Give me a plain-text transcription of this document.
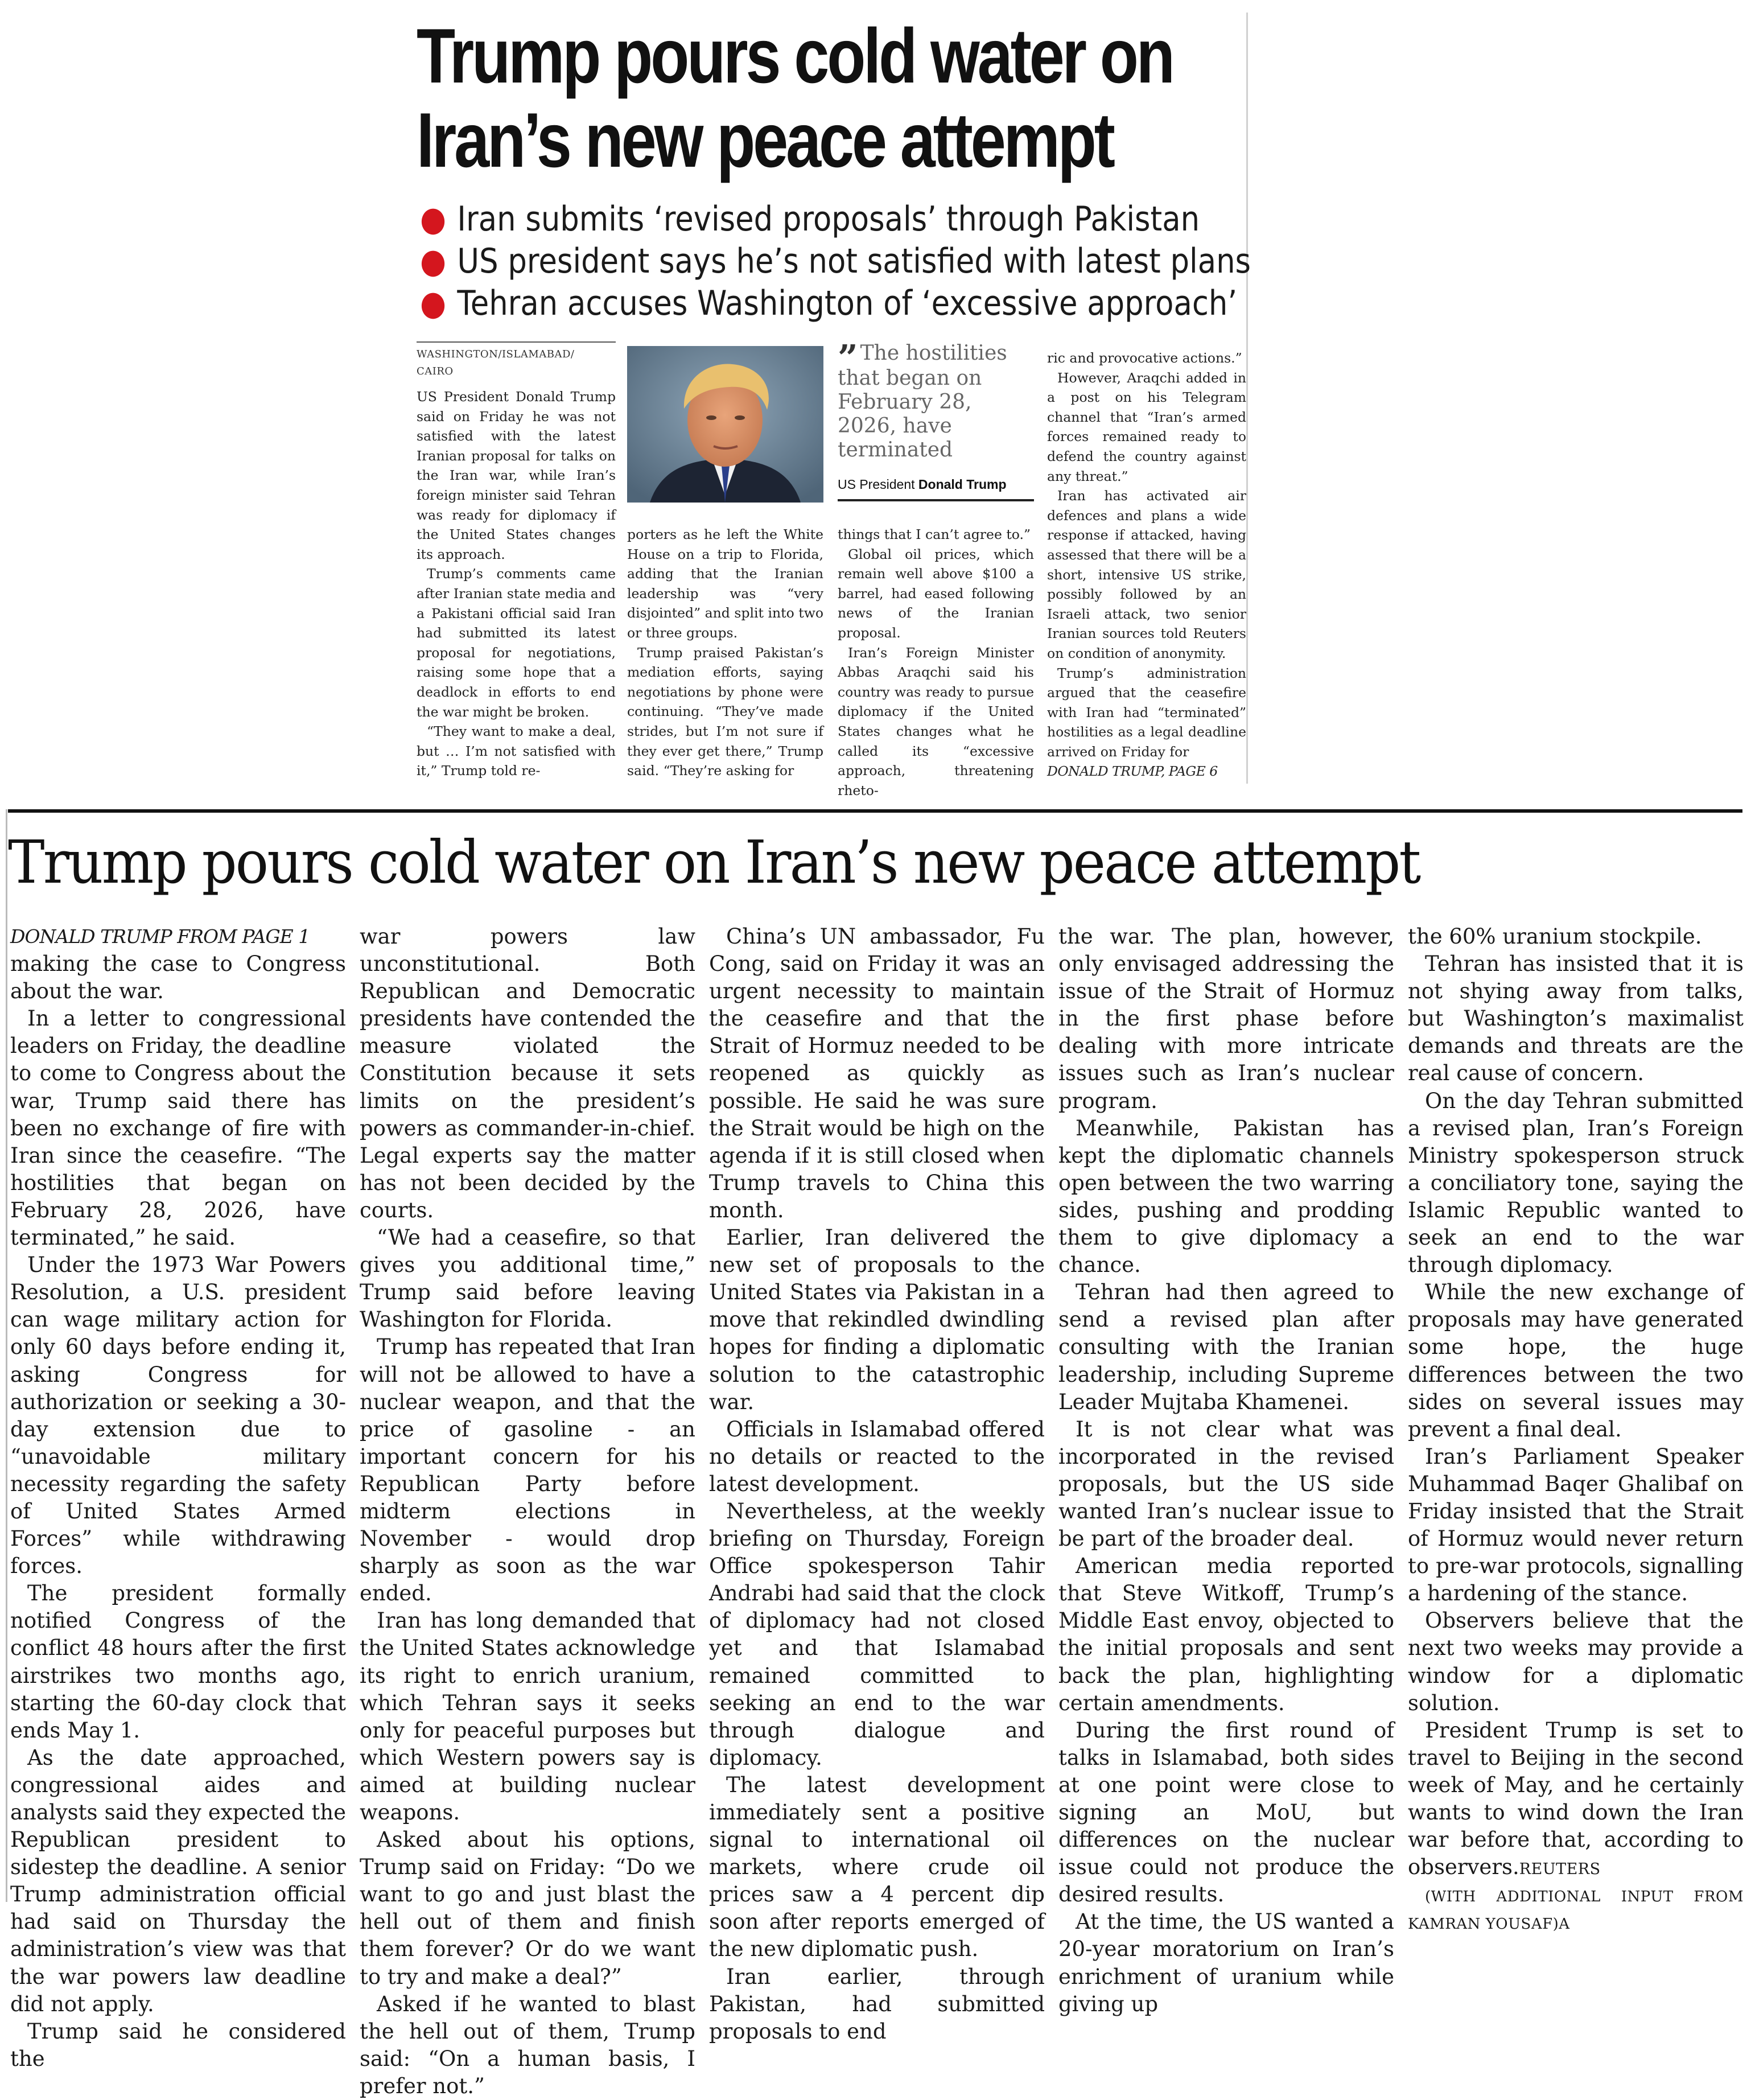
Trump pours cold water on
Iran’s new peace attempt
● Iran submits ‘revised proposals’ through Pakistan
● US president says he’s not satisfied with latest plans
● Tehran accuses Washington of ‘excessive approach’
WASHINGTON/ISLAMABAD/
CAIRO

US President Donald Trump said on Friday he was not satisfied with the latest Iranian proposal for talks on the Iran war, while Iran’s foreign minister said Tehran was ready for diplomacy if the United States changes its approach.

Trump’s comments came after Iranian state media and a Pakistani official said Iran had submitted its latest proposal for negotiations, raising some hope that a deadlock in efforts to end the war might be broken.

“They want to make a deal, but … I’m not satisfied with it,” Trump told re-

porters as he left the White House on a trip to Florida, adding that the Iranian leadership was “very disjointed” and split into two or three groups.

Trump praised Pakistan’s mediation efforts, saying negotiations by phone were continuing. “They’ve made strides, but I’m not sure if they ever get there,” Trump said. “They’re asking for

” The hostilities that began on February 28, 2026, have terminated
US President Donald Trump

things that I can’t agree to.”

Global oil prices, which remain well above $100 a barrel, had eased following news of the Iranian proposal.

Iran’s Foreign Minister Abbas Araqchi said his country was ready to pursue diplomacy if the United States changes what he called its “excessive approach, threatening rheto-

ric and provocative actions.”

However, Araqchi added in a post on his Telegram channel that “Iran’s armed forces remained ready to defend the country against any threat.”

Iran has activated air defences and plans a wide response if attacked, having assessed that there will be a short, intensive US strike, possibly followed by an Israeli attack, two senior Iranian sources told Reuters on condition of anonymity.

Trump’s administration argued that the ceasefire with Iran had “terminated” hostilities as a legal deadline arrived on Friday for

DONALD TRUMP, PAGE 6

Trump pours cold water on Iran’s new peace attempt

DONALD TRUMP FROM PAGE 1

making the case to Congress about the war.

In a letter to congressional leaders on Friday, the deadline to come to Congress about the war, Trump said there has been no exchange of fire with Iran since the ceasefire. “The hostilities that began on February 28, 2026, have terminated,” he said.

Under the 1973 War Powers Resolution, a U.S. president can wage military action for only 60 days before ending it, asking Congress for authorization or seeking a 30-day extension due to “unavoidable military necessity regarding the safety of United States Armed Forces” while withdrawing forces.

The president formally notified Congress of the conflict 48 hours after the first airstrikes two months ago, starting the 60-day clock that ends May 1.

As the date approached, congressional aides and analysts said they expected the Republican president to sidestep the deadline. A senior Trump administration official had said on Thursday the administration’s view was that the war powers law deadline did not apply.

Trump said he considered the

war powers law unconstitutional. Both Republican and Democratic presidents have contended the measure violated the Constitution because it sets limits on the president’s powers as commander-in-chief. Legal experts say the matter has not been decided by the courts.

“We had a ceasefire, so that gives you additional time,” Trump said before leaving Washington for Florida.

Trump has repeated that Iran will not be allowed to have a nuclear weapon, and that the price of gasoline - an important concern for his Republican Party before midterm elections in November - would drop sharply as soon as the war ended.

Iran has long demanded that the United States acknowledge its right to enrich uranium, which Tehran says it seeks only for peaceful purposes but which Western powers say is aimed at building nuclear weapons.

Asked about his options, Trump said on Friday: “Do we want to go and just blast the hell out of them and finish them forever? Or do we want to try and make a deal?”

Asked if he wanted to blast the hell out of them, Trump said: “On a human basis, I prefer not.”

China’s UN ambassador, Fu Cong, said on Friday it was an urgent necessity to maintain the ceasefire and that the Strait of Hormuz needed to be reopened as quickly as possible. He said he was sure the Strait would be high on the agenda if it is still closed when Trump travels to China this month.

Earlier, Iran delivered the new set of proposals to the United States via Pakistan in a move that rekindled dwindling hopes for finding a diplomatic solution to the catastrophic war.

Officials in Islamabad offered no details or reacted to the latest development.

Nevertheless, at the weekly briefing on Thursday, Foreign Office spokesperson Tahir Andrabi had said that the clock of diplomacy had not closed yet and that Islamabad remained committed to seeking an end to the war through dialogue and diplomacy.

The latest development immediately sent a positive signal to international oil markets, where crude oil prices saw a 4 percent dip soon after reports emerged of the new diplomatic push.

Iran earlier, through Pakistan, had submitted proposals to end

the war. The plan, however, only envisaged addressing the issue of the Strait of Hormuz in the first phase before dealing with more intricate issues such as Iran’s nuclear program.

Meanwhile, Pakistan has kept the diplomatic channels open between the two warring sides, pushing and prodding them to give diplomacy a chance.

Tehran had then agreed to send a revised plan after consulting with the Iranian leadership, including Supreme Leader Mujtaba Khamenei.

It is not clear what was incorporated in the revised proposals, but the US side wanted Iran’s nuclear issue to be part of the broader deal.

American media reported that Steve Witkoff, Trump’s Middle East envoy, objected to the initial proposals and sent back the plan, highlighting certain amendments.

During the first round of talks in Islamabad, both sides at one point were close to signing an MoU, but differences on the nuclear issue could not produce the desired results.

At the time, the US wanted a 20-year moratorium on Iran’s enrichment of uranium while giving up

the 60% uranium stockpile.

Tehran has insisted that it is not shying away from talks, but Washington’s maximalist demands and threats are the real cause of concern.

On the day Tehran submitted a revised plan, Iran’s Foreign Ministry spokesperson struck a conciliatory tone, saying the Islamic Republic wanted to seek an end to the war through diplomacy.

While the new exchange of proposals may have generated some hope, the huge differences between the two sides on several issues may prevent a final deal.

Iran’s Parliament Speaker Muhammad Baqer Ghalibaf on Friday insisted that the Strait of Hormuz would never return to pre-war protocols, signalling a hardening of the stance.

Observers believe that the next two weeks may provide a window for a diplomatic solution.

President Trump is set to travel to Beijing in the second week of May, and he certainly wants to wind down the Iran war before that, according to observers.REUTERS

(WITH ADDITIONAL INPUT FROM KAMRAN YOUSAF)A
